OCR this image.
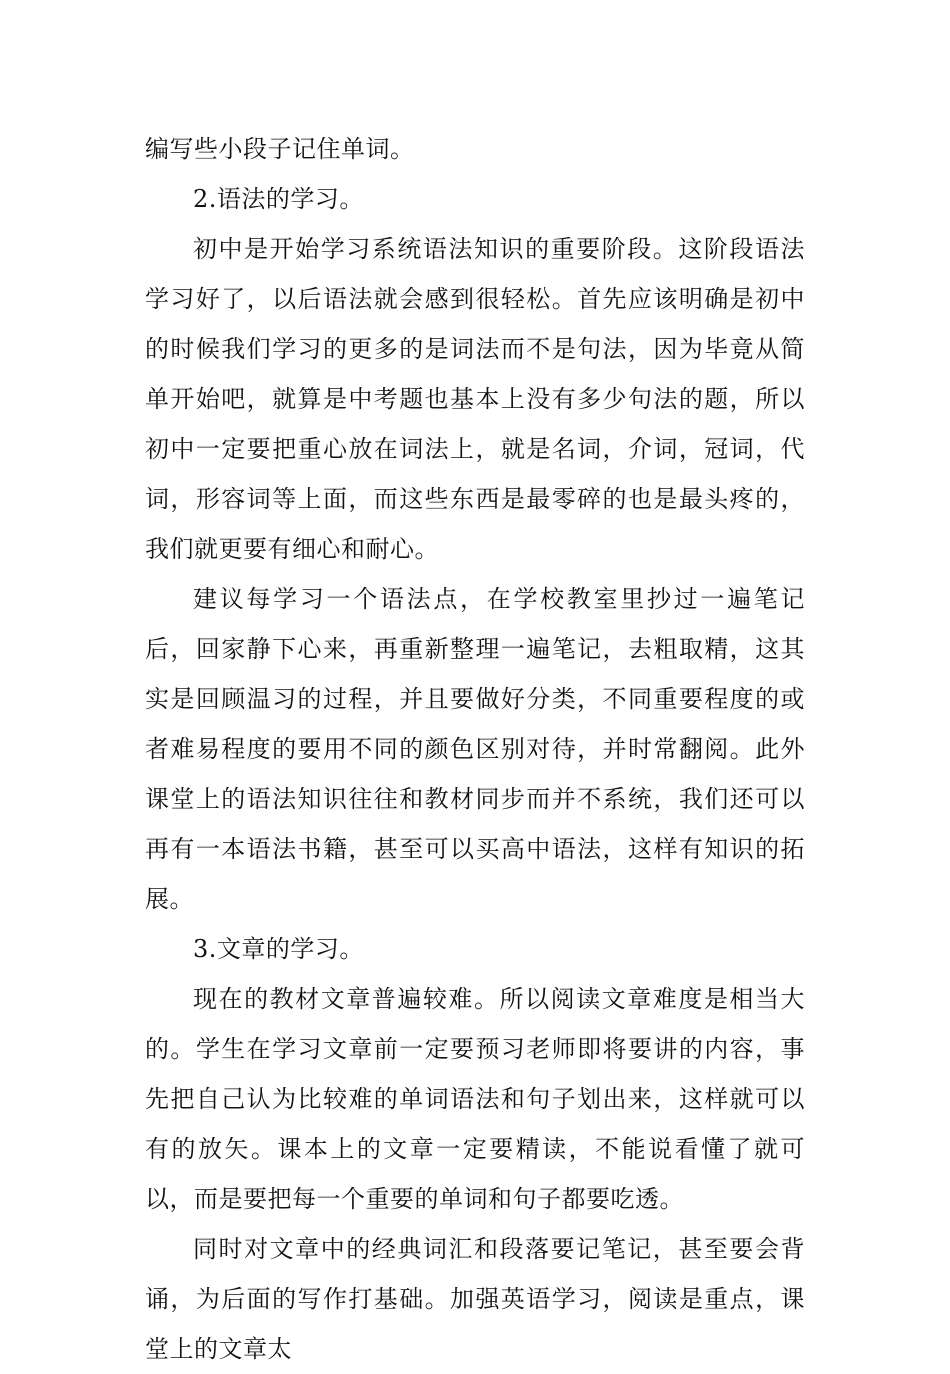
编写些小段子记住单词。

2.语法的学习。

初中是开始学习系统语法知识的重要阶段。这阶段语法学习好了，以后语法就会感到很轻松。首先应该明确是初中的时候我们学习的更多的是词法而不是句法，因为毕竟从简单开始吧，就算是中考题也基本上没有多少句法的题，所以初中一定要把重心放在词法上，就是名词，介词，冠词，代词，形容词等上面，而这些东西是最零碎的也是最头疼的，我们就更要有细心和耐心。

建议每学习一个语法点，在学校教室里抄过一遍笔记后，回家静下心来，再重新整理一遍笔记，去粗取精，这其实是回顾温习的过程，并且要做好分类，不同重要程度的或者难易程度的要用不同的颜色区别对待，并时常翻阅。此外课堂上的语法知识往往和教材同步而并不系统，我们还可以再有一本语法书籍，甚至可以买高中语法，这样有知识的拓展。

3.文章的学习。

现在的教材文章普遍较难。所以阅读文章难度是相当大的。学生在学习文章前一定要预习老师即将要讲的内容，事先把自己认为比较难的单词语法和句子划出来，这样就可以有的放矢。课本上的文章一定要精读，不能说看懂了就可以，而是要把每一个重要的单词和句子都要吃透。

同时对文章中的经典词汇和段落要记笔记，甚至要会背诵，为后面的写作打基础。加强英语学习，阅读是重点，课堂上的文章太
